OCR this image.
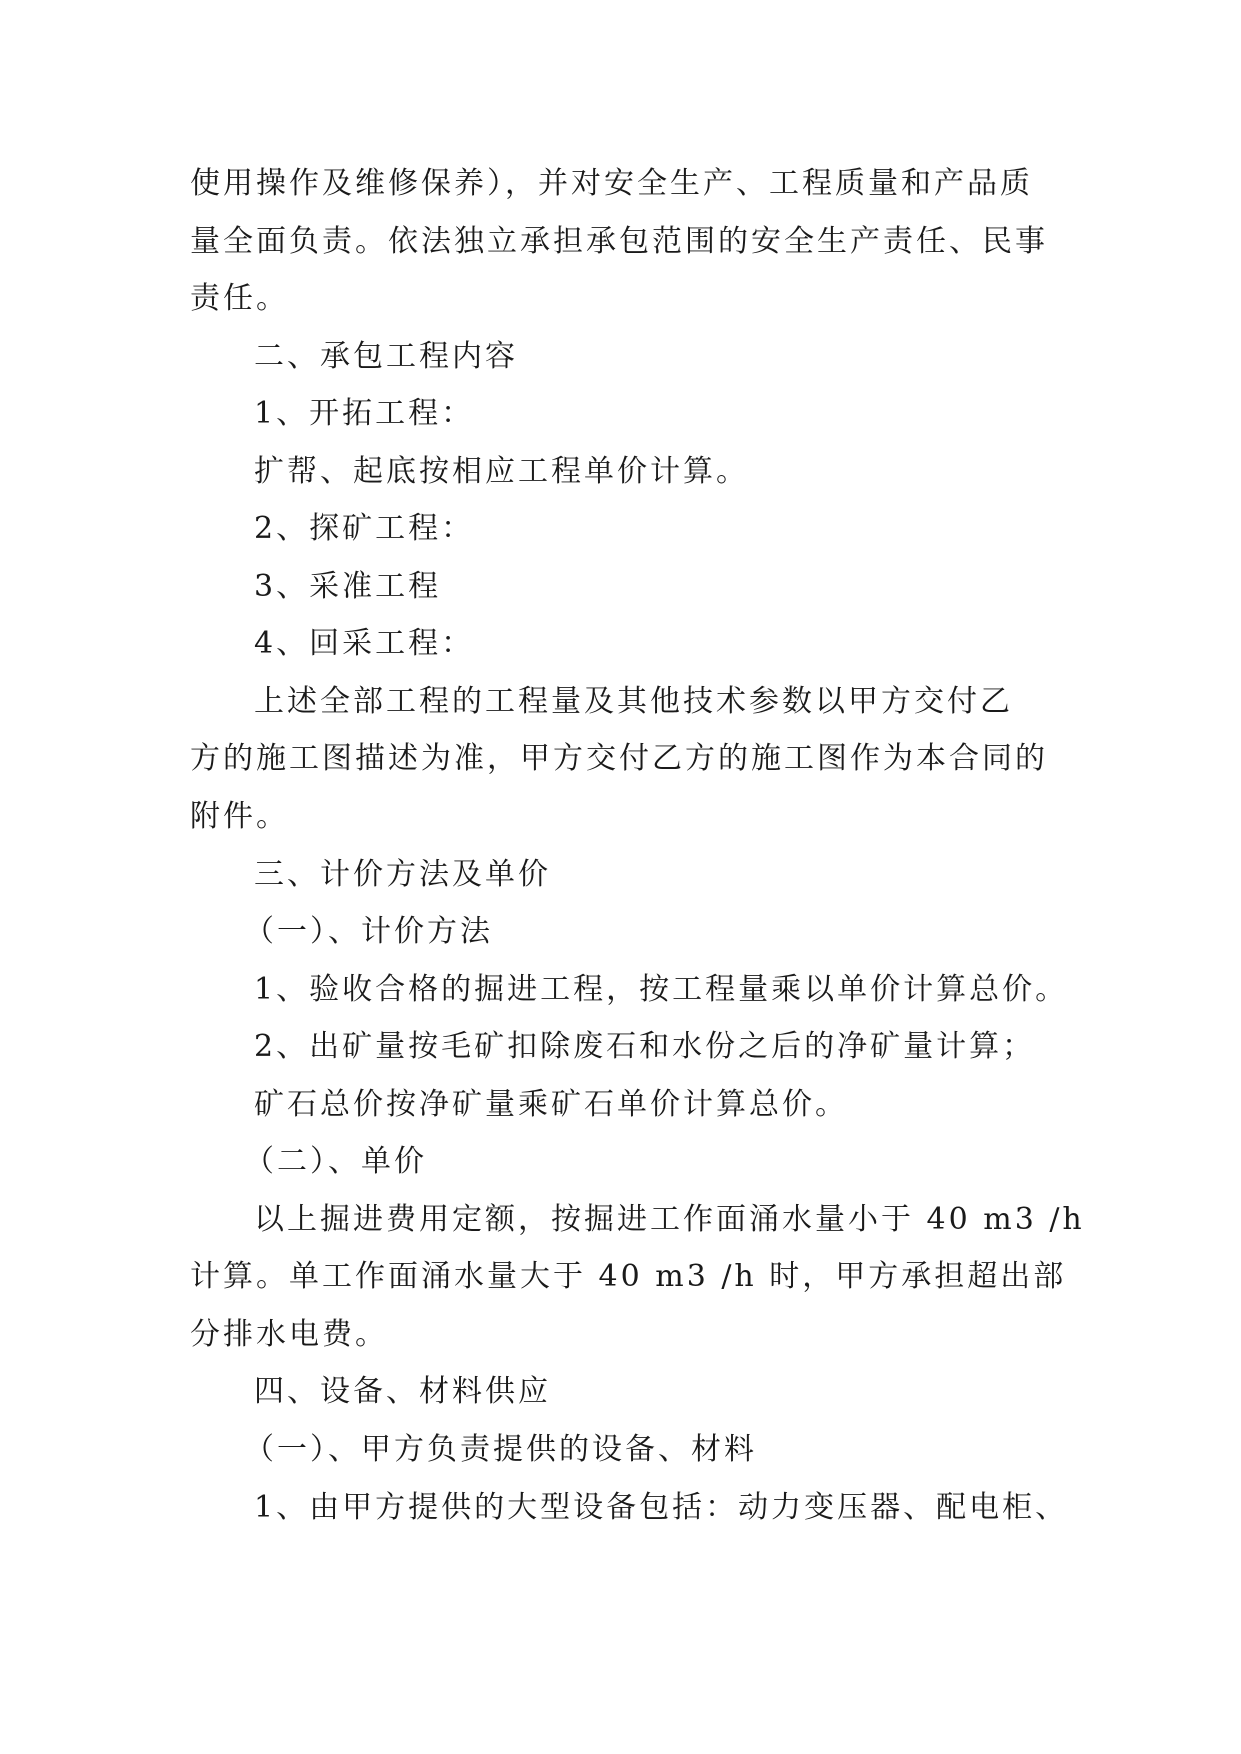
使用操作及维修保养），并对安全生产、工程质量和产品质
量全面负责。依法独立承担承包范围的安全生产责任、民事
责任。
二、承包工程内容
1、开拓工程：
扩帮、起底按相应工程单价计算。
2、探矿工程：
3、采准工程
4、回采工程：
上述全部工程的工程量及其他技术参数以甲方交付乙
方的施工图描述为准，甲方交付乙方的施工图作为本合同的
附件。
三、计价方法及单价
（一）、计价方法
1、验收合格的掘进工程，按工程量乘以单价计算总价。
2、出矿量按毛矿扣除废石和水份之后的净矿量计算；
矿石总价按净矿量乘矿石单价计算总价。
（二）、单价
以上掘进费用定额，按掘进工作面涌水量小于 40 m3 /h
计算。单工作面涌水量大于 40 m3 /h 时，甲方承担超出部
分排水电费。
四、设备、材料供应
（一）、甲方负责提供的设备、材料
1、由甲方提供的大型设备包括：动力变压器、配电柜、
